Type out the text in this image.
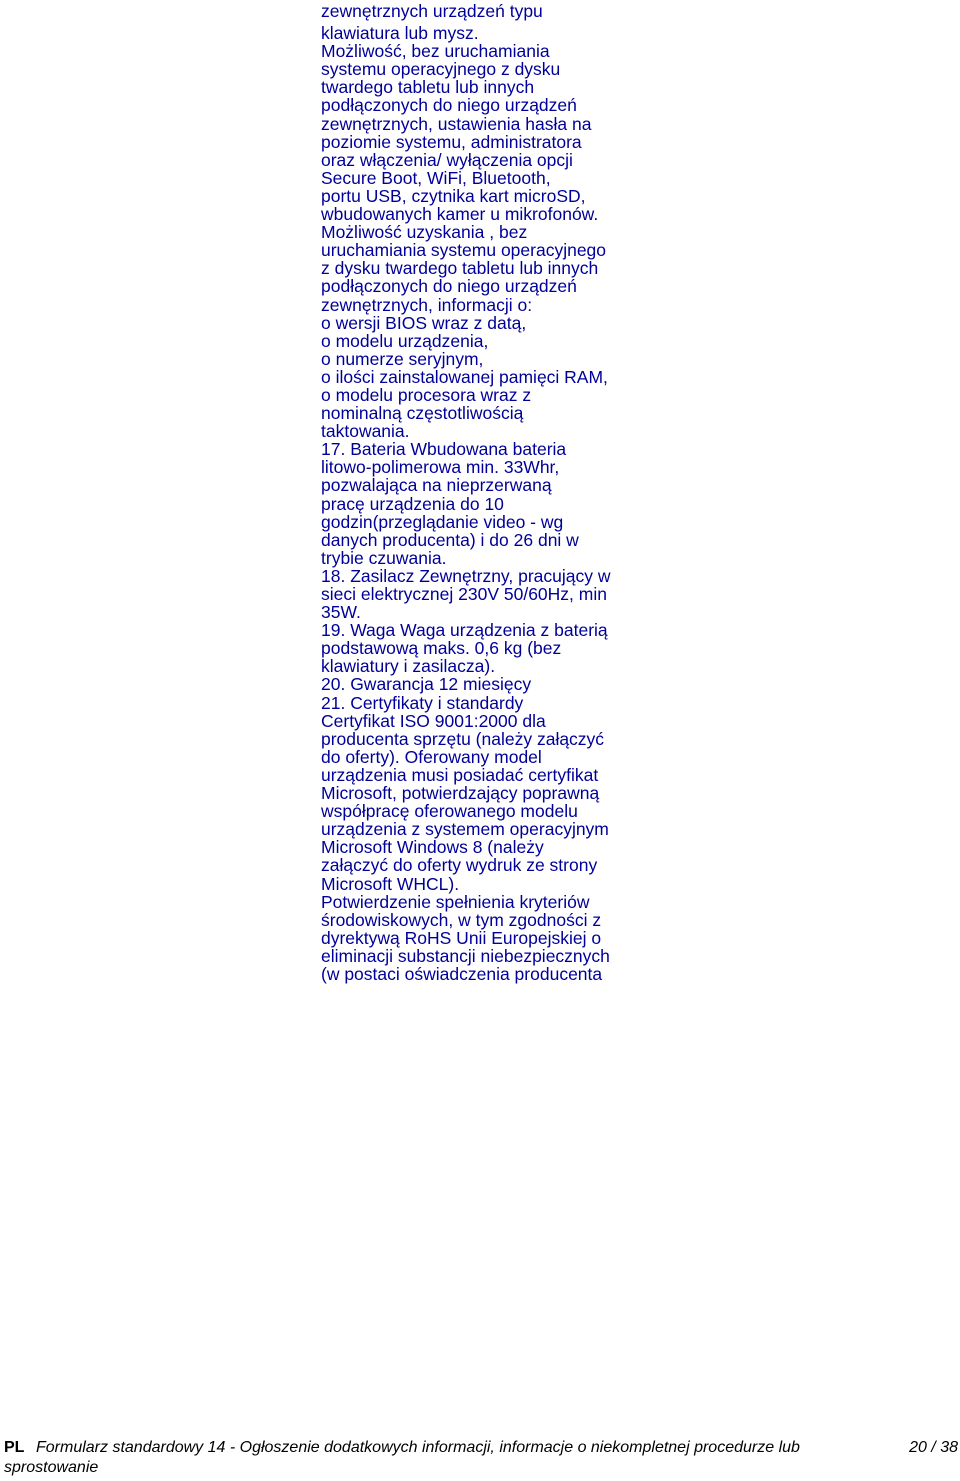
zewnętrznych urządzeń typu
klawiatura lub mysz.
Możliwość, bez uruchamiania
systemu operacyjnego z dysku
twardego tabletu lub innych
podłączonych do niego urządzeń
zewnętrznych, ustawienia hasła na
poziomie systemu, administratora
oraz włączenia/ wyłączenia opcji
Secure Boot, WiFi, Bluetooth,
portu USB, czytnika kart microSD,
wbudowanych kamer u mikrofonów.
Możliwość uzyskania , bez
uruchamiania systemu operacyjnego
z dysku twardego tabletu lub innych
podłączonych do niego urządzeń
zewnętrznych, informacji o:
o wersji BIOS wraz z datą,
o modelu urządzenia,
o numerze seryjnym,
o ilości zainstalowanej pamięci RAM,
o modelu procesora wraz z
nominalną częstotliwością
taktowania.
17. Bateria Wbudowana bateria
litowo-polimerowa min. 33Whr,
pozwalająca na nieprzerwaną
pracę urządzenia do 10
godzin(przeglądanie video - wg
danych producenta) i do 26 dni w
trybie czuwania.
18. Zasilacz Zewnętrzny, pracujący w
sieci elektrycznej 230V 50/60Hz, min
35W.
19. Waga Waga urządzenia z baterią
podstawową maks. 0,6 kg (bez
klawiatury i zasilacza).
20. Gwarancja 12 miesięcy
21. Certyfikaty i standardy
Certyfikat ISO 9001:2000 dla
producenta sprzętu (należy załączyć
do oferty). Oferowany model
urządzenia musi posiadać certyfikat
Microsoft, potwierdzający poprawną
współpracę oferowanego modelu
urządzenia z systemem operacyjnym
Microsoft Windows 8 (należy
załączyć do oferty wydruk ze strony
Microsoft WHCL).
Potwierdzenie spełnienia kryteriów
środowiskowych, w tym zgodności z
dyrektywą RoHS Unii Europejskiej o
eliminacji substancji niebezpiecznych
(w postaci oświadczenia producenta
PL Formularz standardowy 14 - Ogłoszenie dodatkowych informacji, informacje o niekompletnej procedurze lub
sprostowanie
20 / 38
